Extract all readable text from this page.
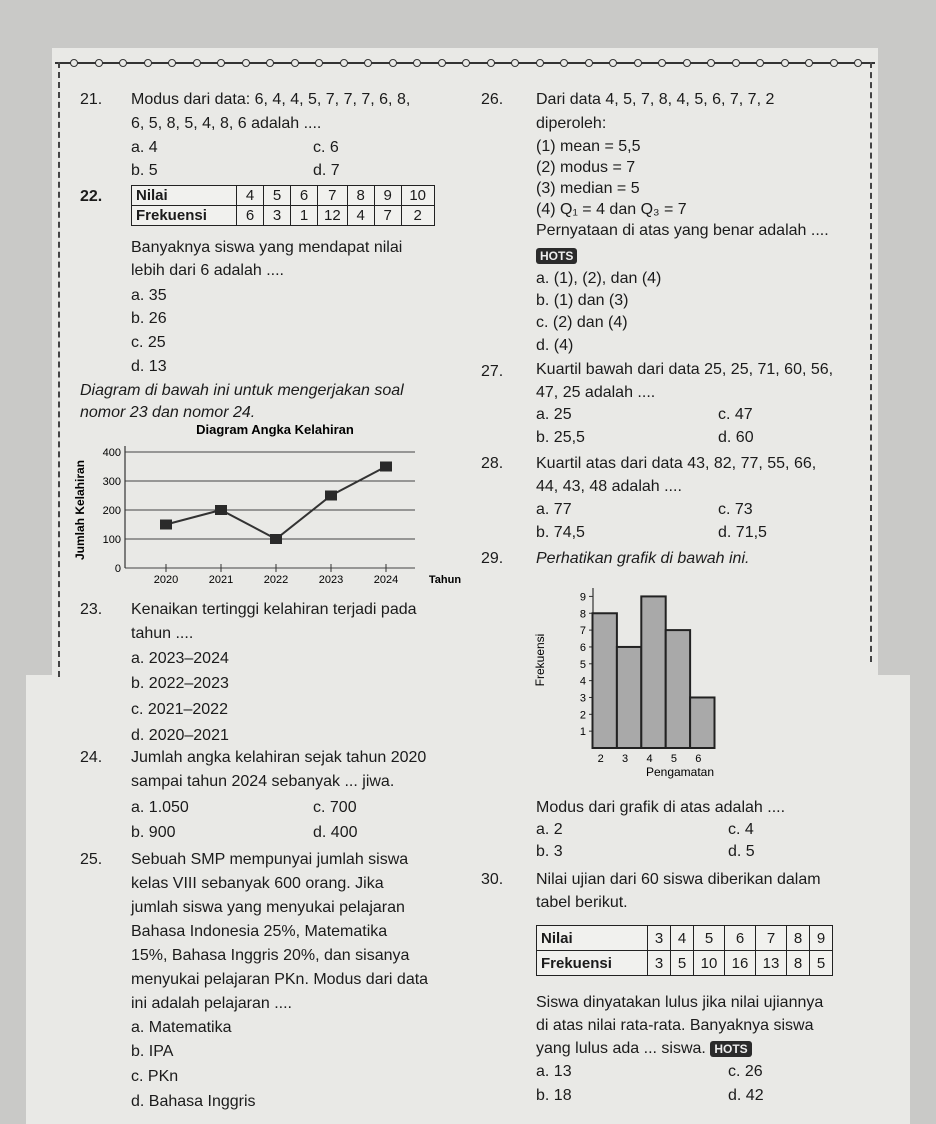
21. Modus dari data: 6, 4, 4, 5, 7, 7, 7, 6, 8,
6, 5, 8, 5, 4, 8, 6 adalah ....
a. 4	c. 6
b. 5	d. 7
22. Nilai	4	5	6	7	8	9	10
Frekuensi	6	3	1	12	4	7	2
Banyaknya siswa yang mendapat nilai
lebih dari 6 adalah ....
a. 35
b. 26
c. 25
d. 13
Diagram di bawah ini untuk mengerjakan soal
nomor 23 dan nomor 24.
Diagram Angka Kelahiran
Jumlah Kelahiran
0
100
200
300
400
2020	2021	2022	2023	2024	Tahun
23. Kenaikan tertinggi kelahiran terjadi pada
tahun ....
a. 2023–2024
b. 2022–2023
c. 2021–2022
d. 2020–2021
24. Jumlah angka kelahiran sejak tahun 2020
sampai tahun 2024 sebanyak ... jiwa.
a. 1.050	c. 700
b. 900	d. 400
25. Sebuah SMP mempunyai jumlah siswa
kelas VIII sebanyak 600 orang. Jika
jumlah siswa yang menyukai pelajaran
Bahasa Indonesia 25%, Matematika
15%, Bahasa Inggris 20%, dan sisanya
menyukai pelajaran PKn. Modus dari data
ini adalah pelajaran ....
a. Matematika
b. IPA
c. PKn
d. Bahasa Inggris
26. Dari data 4, 5, 7, 8, 4, 5, 6, 7, 7, 2
diperoleh:
(1) mean = 5,5
(2) modus = 7
(3) median = 5
(4) Q₁ = 4 dan Q₃ = 7
Pernyataan di atas yang benar adalah ....
HOTS
a. (1), (2), dan (4)
b. (1) dan (3)
c. (2) dan (4)
d. (4)
27. Kuartil bawah dari data 25, 25, 71, 60, 56,
47, 25 adalah ....
a. 25	c. 47
b. 25,5	d. 60
28. Kuartil atas dari data 43, 82, 77, 55, 66,
44, 43, 48 adalah ....
a. 77	c. 73
b. 74,5	d. 71,5
29. Perhatikan grafik di bawah ini.
Frekuensi
1
2
3
4
5
6
7
8
9
2 3 4 5 6
Pengamatan
Modus dari grafik di atas adalah ....
a. 2	c. 4
b. 3	d. 5
30. Nilai ujian dari 60 siswa diberikan dalam
tabel berikut.
Nilai	3	4	5	6	7	8	9
Frekuensi	3	5	10	16	13	8	5
Siswa dinyatakan lulus jika nilai ujiannya
di atas nilai rata-rata. Banyaknya siswa
yang lulus ada ... siswa. HOTS
a. 13	c. 26
b. 18	d. 42
